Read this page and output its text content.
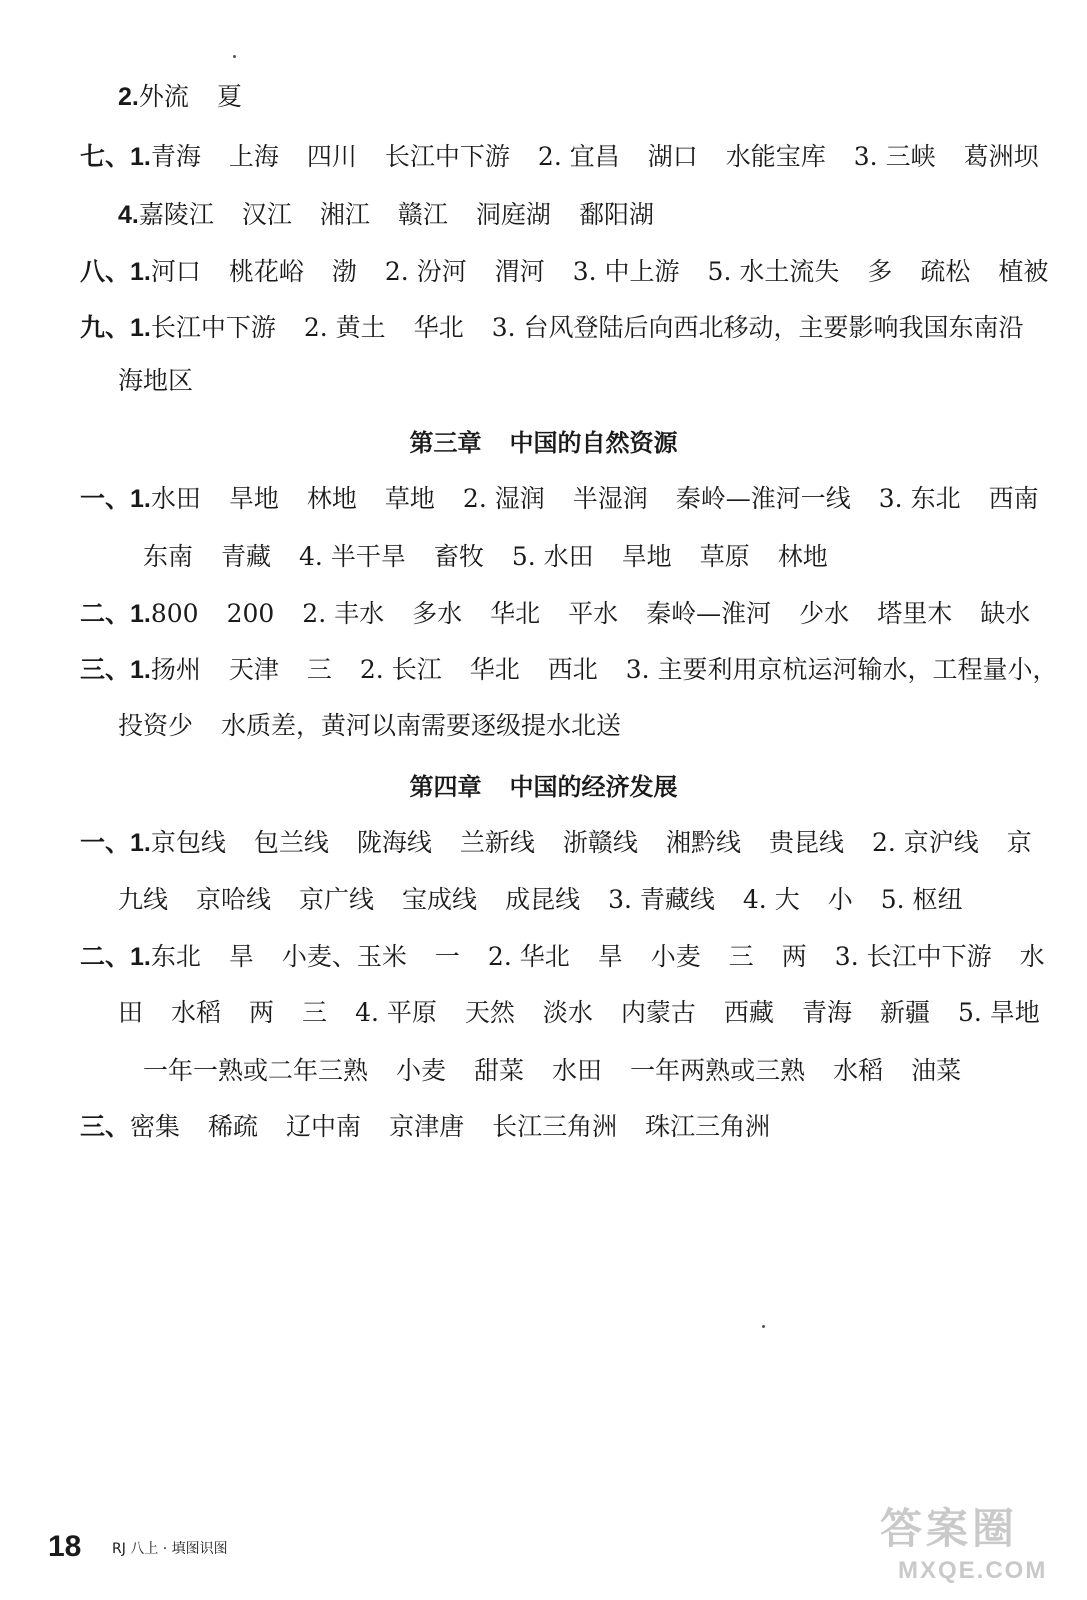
2.外流 夏
七、1.青海 上海 四川 长江中下游 2. 宜昌 湖口 水能宝库 3. 三峡 葛洲坝
4.嘉陵江 汉江 湘江 赣江 洞庭湖 鄱阳湖
八、1.河口 桃花峪 渤 2. 汾河 渭河 3. 中上游 5. 水土流失 多 疏松 植被
九、1.长江中下游 2. 黄土 华北 3. 台风登陆后向西北移动，主要影响我国东南沿
海地区
第三章 中国的自然资源
一、1.水田 旱地 林地 草地 2. 湿润 半湿润 秦岭—淮河一线 3. 东北 西南
东南 青藏 4. 半干旱 畜牧 5. 水田 旱地 草原 林地
二、1.800 200 2. 丰水 多水 华北 平水 秦岭—淮河 少水 塔里木 缺水
三、1.扬州 天津 三 2. 长江 华北 西北 3. 主要利用京杭运河输水，工程量小，
投资少 水质差，黄河以南需要逐级提水北送
第四章 中国的经济发展
一、1.京包线 包兰线 陇海线 兰新线 浙赣线 湘黔线 贵昆线 2. 京沪线 京
九线 京哈线 京广线 宝成线 成昆线 3. 青藏线 4. 大 小 5. 枢纽
二、1.东北 旱 小麦、玉米 一 2. 华北 旱 小麦 三 两 3. 长江中下游 水
田 水稻 两 三 4. 平原 天然 淡水 内蒙古 西藏 青海 新疆 5. 旱地
一年一熟或二年三熟 小麦 甜菜 水田 一年两熟或三熟 水稻 油菜
三、密集 稀疏 辽中南 京津唐 长江三角洲 珠江三角洲
18 RJ 八上 · 填图识图	答案圈
MXQE.COM
